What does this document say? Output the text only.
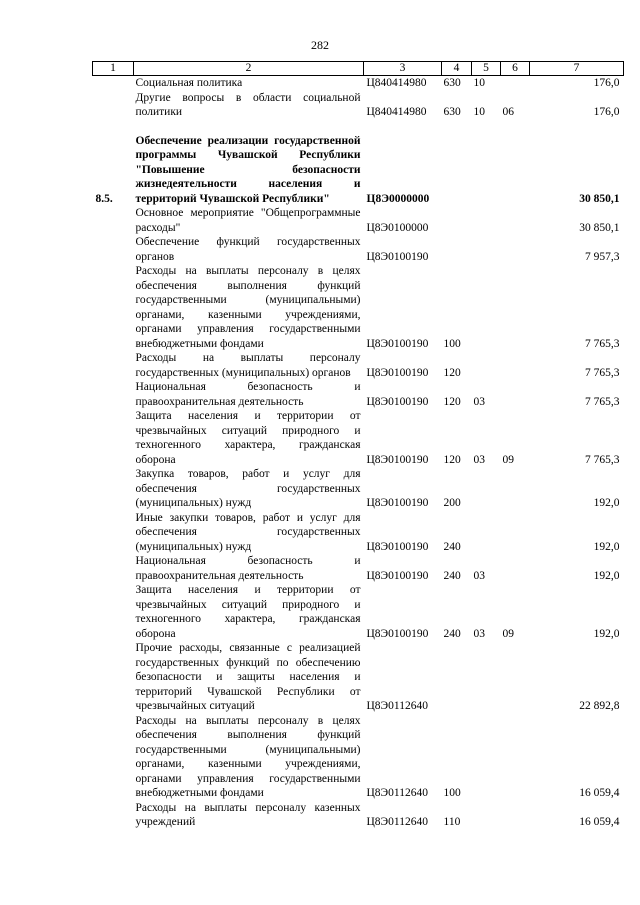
282
1	2	3	4	5	6	7
	Социальная политика	Ц840414980	630	10		176,0
	Другие вопросы в области социальной политики	Ц840414980	630	10	06	176,0

8.5.	Обеспечение реализации государственной программы Чувашской Республики "Повышение безопасности жизнедеятельности населения и территорий Чувашской Республики"	Ц8Э0000000				30 850,1
	Основное мероприятие "Общепрограммные расходы"	Ц8Э0100000				30 850,1
	Обеспечение функций государственных органов	Ц8Э0100190				7 957,3
	Расходы на выплаты персоналу в целях обеспечения выполнения функций государственными (муниципальными) органами, казенными учреждениями, органами управления государственными внебюджетными фондами	Ц8Э0100190	100			7 765,3
	Расходы на выплаты персоналу государственных (муниципальных) органов	Ц8Э0100190	120			7 765,3
	Национальная безопасность и правоохранительная деятельность	Ц8Э0100190	120	03		7 765,3
	Защита населения и территории от чрезвычайных ситуаций природного и техногенного характера, гражданская оборона	Ц8Э0100190	120	03	09	7 765,3
	Закупка товаров, работ и услуг для обеспечения государственных (муниципальных) нужд	Ц8Э0100190	200			192,0
	Иные закупки товаров, работ и услуг для обеспечения государственных (муниципальных) нужд	Ц8Э0100190	240			192,0
	Национальная безопасность и правоохранительная деятельность	Ц8Э0100190	240	03		192,0
	Защита населения и территории от чрезвычайных ситуаций природного и техногенного характера, гражданская оборона	Ц8Э0100190	240	03	09	192,0
	Прочие расходы, связанные с реализацией государственных функций по обеспечению безопасности и защиты населения и территорий Чувашской Республики от чрезвычайных ситуаций	Ц8Э0112640				22 892,8
	Расходы на выплаты персоналу в целях обеспечения выполнения функций государственными (муниципальными) органами, казенными учреждениями, органами управления государственными внебюджетными фондами	Ц8Э0112640	100			16 059,4
	Расходы на выплаты персоналу казенных учреждений	Ц8Э0112640	110			16 059,4
